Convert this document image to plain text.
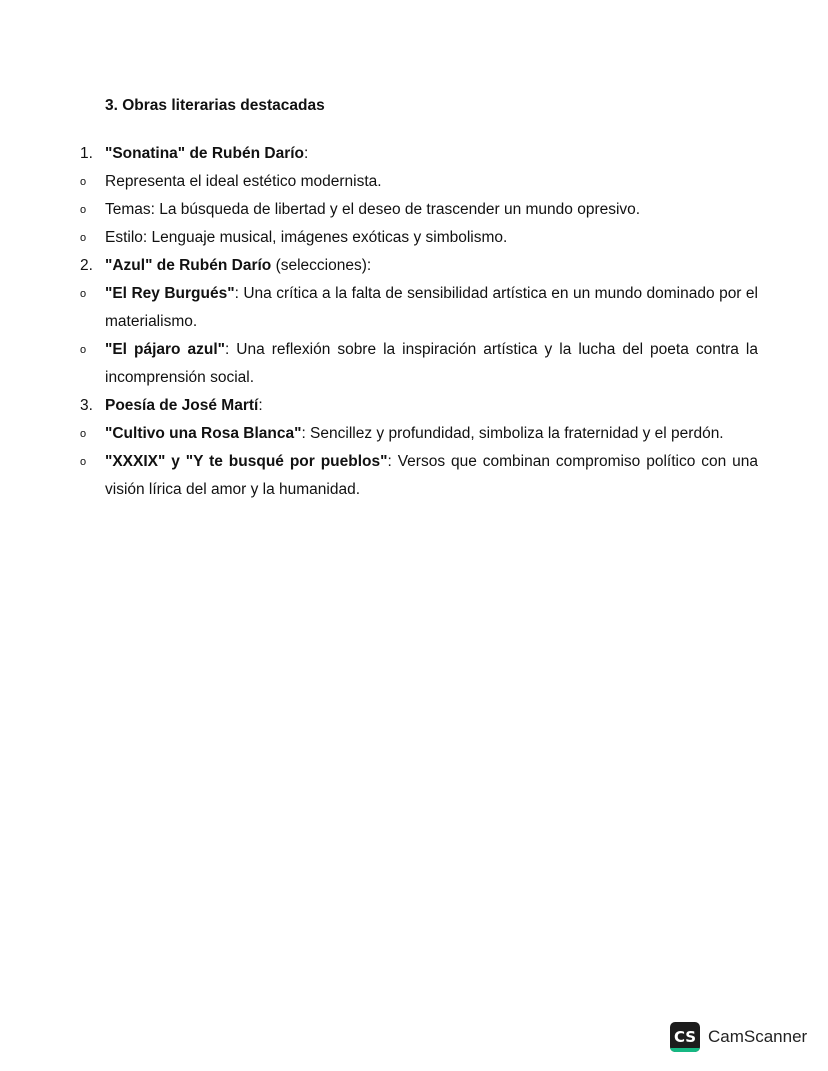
3. Obras literarias destacadas
1. "Sonatina" de Rubén Darío:
o Representa el ideal estético modernista.
o Temas: La búsqueda de libertad y el deseo de trascender un mundo opresivo.
o Estilo: Lenguaje musical, imágenes exóticas y simbolismo.
2. "Azul" de Rubén Darío (selecciones):
o "El Rey Burgués": Una crítica a la falta de sensibilidad artística en un mundo dominado por el materialismo.
o "El pájaro azul": Una reflexión sobre la inspiración artística y la lucha del poeta contra la incomprensión social.
3. Poesía de José Martí:
o "Cultivo una Rosa Blanca": Sencillez y profundidad, simboliza la fraternidad y el perdón.
o "XXXIX" y "Y te busqué por pueblos": Versos que combinan compromiso político con una visión lírica del amor y la humanidad.
CS CamScanner
